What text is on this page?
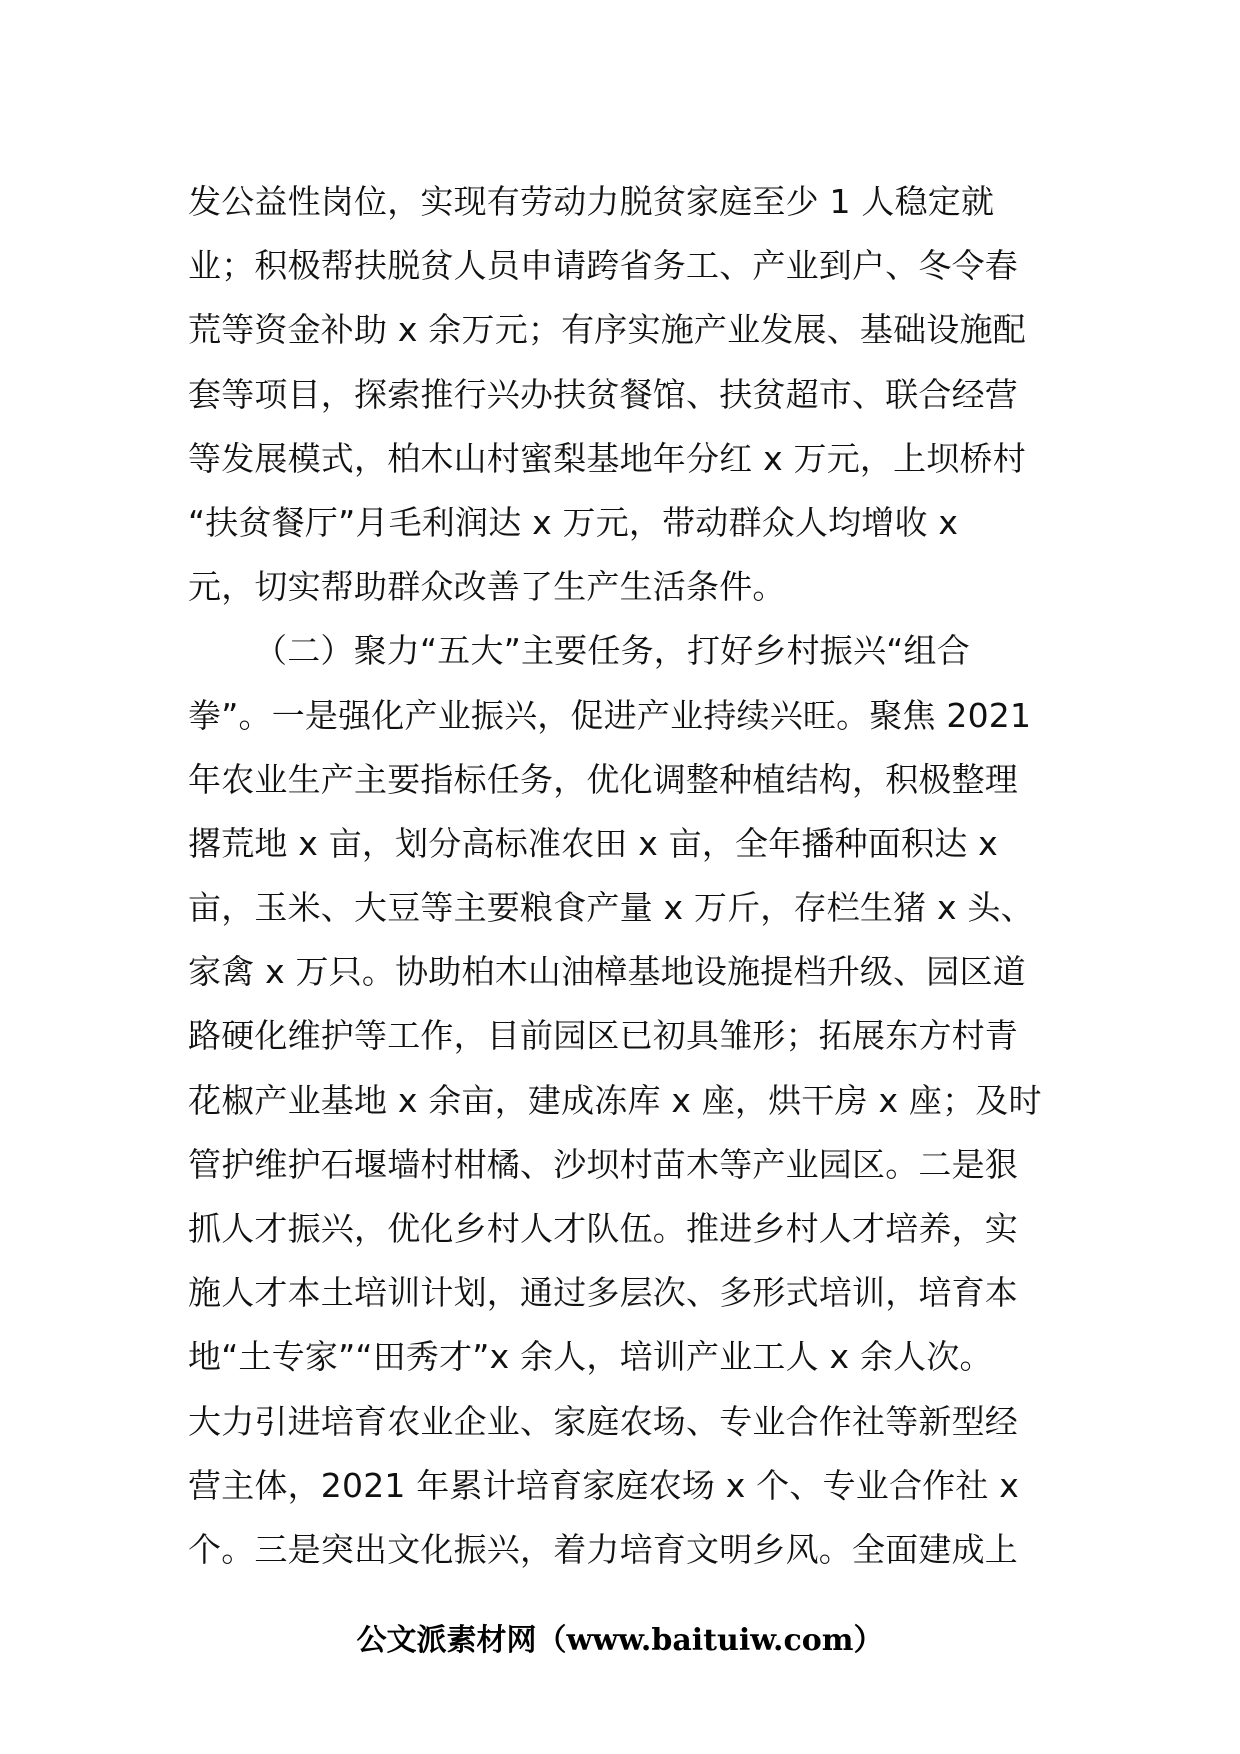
发公益性岗位，实现有劳动力脱贫家庭至少 1 人稳定就
业；积极帮扶脱贫人员申请跨省务工、产业到户、冬令春
荒等资金补助 x 余万元；有序实施产业发展、基础设施配
套等项目，探索推行兴办扶贫餐馆、扶贫超市、联合经营
等发展模式，柏木山村蜜梨基地年分红 x 万元，上坝桥村
“扶贫餐厅”月毛利润达 x 万元，带动群众人均增收 x
元，切实帮助群众改善了生产生活条件。
（二）聚力“五大”主要任务，打好乡村振兴“组合
拳”。一是强化产业振兴，促进产业持续兴旺。聚焦 2021
年农业生产主要指标任务，优化调整种植结构，积极整理
撂荒地 x 亩，划分高标准农田 x 亩，全年播种面积达 x
亩，玉米、大豆等主要粮食产量 x 万斤，存栏生猪 x 头、
家禽 x 万只。协助柏木山油樟基地设施提档升级、园区道
路硬化维护等工作，目前园区已初具雏形；拓展东方村青
花椒产业基地 x 余亩，建成冻库 x 座，烘干房 x 座；及时
管护维护石堰墙村柑橘、沙坝村苗木等产业园区。二是狠
抓人才振兴，优化乡村人才队伍。推进乡村人才培养，实
施人才本土培训计划，通过多层次、多形式培训，培育本
地“土专家”“田秀才”x 余人，培训产业工人 x 余人次。
大力引进培育农业企业、家庭农场、专业合作社等新型经
营主体，2021 年累计培育家庭农场 x 个、专业合作社 x
个。三是突出文化振兴，着力培育文明乡风。全面建成上
公文派素材网（www.baituiw.com）
